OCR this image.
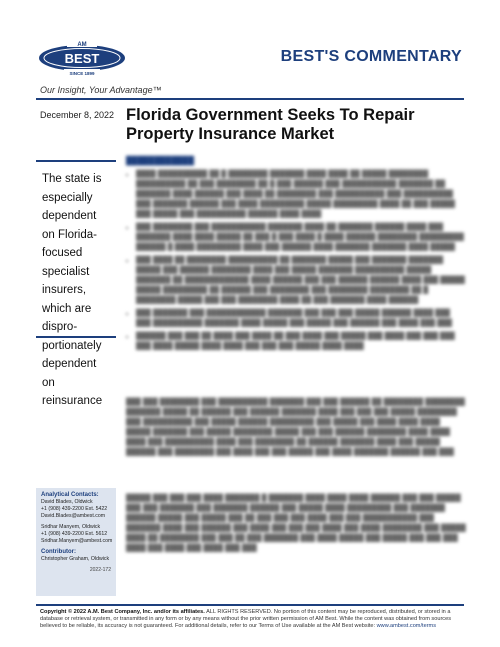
AM
BEST
SINCE 1899
Our Insight, Your Advantage™
BEST'S COMMENTARY
December 8, 2022 Florida Government Seeks To Repair Property Insurance Market
The state is especially dependent on Florida-focused specialist insurers, which are dispro-portionately dependent on reinsurance
████████████
• ████ ██████████ ██ █ ████████ ███████ ████ ████ ██ █████ ████████ ██████████ ██ ███ ████████ ██ █ ███ ██████ ███ ███████████ ███████ ██ ███████ ████ ██████ ███ ████ ██ ████████ ███ ██████████ ███ ██████████ ███ ███████ ██████ ███ ████ █████████ █████ █████████ ████ ██ ███ █████ ███ █████ ███ ██████████ ██████ ████ ████
• ███ ████████ ███ ███████████ ███████ ████ ██ ███████ ██████ ████ ███ ███████ ████ ████ █████ ██ ███ █ ███ ████ █ ████ ██████ ████████ █████████ ██████ █ ████ █████████ ████ ███ ██████ ████ ███████ ███████ ████ █████
• ███ ████ ██ ████████ ██████████ ██ ███████ █████ ███ ███████ ███████ █████ ███ ██████ ████████ ████ ███ █████ ███████ ██████████ █████ ███████ ██ █████████████ ████ ██████ ███ ███ ██████ ██████ ████ ███ █████ █████ █████████ ██ ██████ ███ ████████ ███ ████████ ████████ ██ █ ████████ █████ ███ ███ ████████ ████ ██ ███ ███████ ████ ██████
• ███ ███████ ███ ████████████ ███████ ███ ███ ███ █████ ██████ ████ ███ ███ ██████████ ███████ ████ █████ ███ █████ ███ ██████ ███ ████ ███ ███
• ██████ ███ ███ ██ ████ ███ ████ ██ ███ ████ ███ █████ ███ ████ ███ ███ ███ ███ ████ █████ ████ ████ ███ ███ ███ █████ ████ ████

███ ███ ████████ ███ ██████████ ███████ ███ ███ ██████ ██ ████████ ████████ ███████ █████ ██ ██████ ███ ██████ ███████ ████ ███ ███ ███ █████ ████████ ███ ██████████ ███ █████ ██████ █████████ ███ █████ ███ ████ ████ ████ █████ ███████ ███ █████ ████████ █████ ███ ███ ██████ ████████ ████ ████ ████ ███ ██████████ ████ ███ ████████ ██ ██████ ███████ ████ ███ █████ ██████ ███ ████████ ███ ████ ███ ███ █████ ███ ████ ███████ ██████ ███ ███

█████ ███ ███ ███ ████ ███████ █ ███████ ████ ████ ████ ██████ ███ ███ █████ ███ ███ ███████ ███ ███████ ██████ ███ █████ ████ █████████ ███ ███████ ██████ █████ ███ █████ ███ ██ ███ ███ ███ ████ ███ ███ ███████████ ███ ███████ ████ ███ ██████ ███ ████ ███ ███ ███ ████ ███ ████ ████████ ███ █████ ████ ██ ████████ ███ ███ ██ ███ ███████ ███ ████ █████ ███ █████ ███ ███ ███ ████ ███ ████ ███ ████ ███ ███

Analytical Contacts:
David Blades, Oldwick
+1 (908) 439-2200 Ext. 5422
David.Blades@ambest.com
Sridhar Manyem, Oldwick
+1 (908) 439-2200 Ext. 5612
Sridhar.Manyem@ambest.com
Contributor:
Christopher Graham, Oldwick
2022-172
Copyright © 2022 A.M. Best Company, Inc. and/or its affiliates. ALL RIGHTS RESERVED. No portion of this content may be reproduced, distributed, or stored in a database or retrieval system, or transmitted in any form or by any means without the prior written permission of AM Best. While the content was obtained from sources believed to be reliable, its accuracy is not guaranteed. For additional details, refer to our Terms of Use available at the AM Best website: www.ambest.com/terms
